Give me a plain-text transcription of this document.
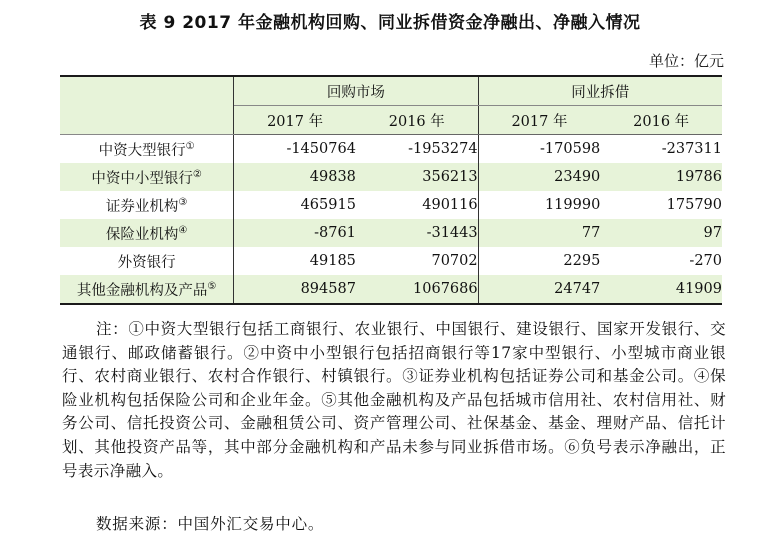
表 9 2017 年金融机构回购、同业拆借资金净融出、净融入情况
单位：亿元
	回购市场		同业拆借	
	2017 年	2016 年	2017 年	2016 年
中资大型银行①	-1450764	-1953274	-170598	-237311
中资中小型银行②	49838	356213	23490	19786
证券业机构③	465915	490116	119990	175790
保险业机构④	-8761	-31443	77	97
外资银行	49185	70702	2295	-270
其他金融机构及产品⑤	894587	1067686	24747	41909

注：①中资大型银行包括工商银行、农业银行、中国银行、建设银行、国家开发银行、交通银行、邮政储蓄银行。②中资中小型银行包括招商银行等17家中型银行、小型城市商业银行、农村商业银行、农村合作银行、村镇银行。③证券业机构包括证券公司和基金公司。④保险业机构包括保险公司和企业年金。⑤其他金融机构及产品包括城市信用社、农村信用社、财务公司、信托投资公司、金融租赁公司、资产管理公司、社保基金、基金、理财产品、信托计划、其他投资产品等，其中部分金融机构和产品未参与同业拆借市场。⑥负号表示净融出，正号表示净融入。

数据来源：中国外汇交易中心。
